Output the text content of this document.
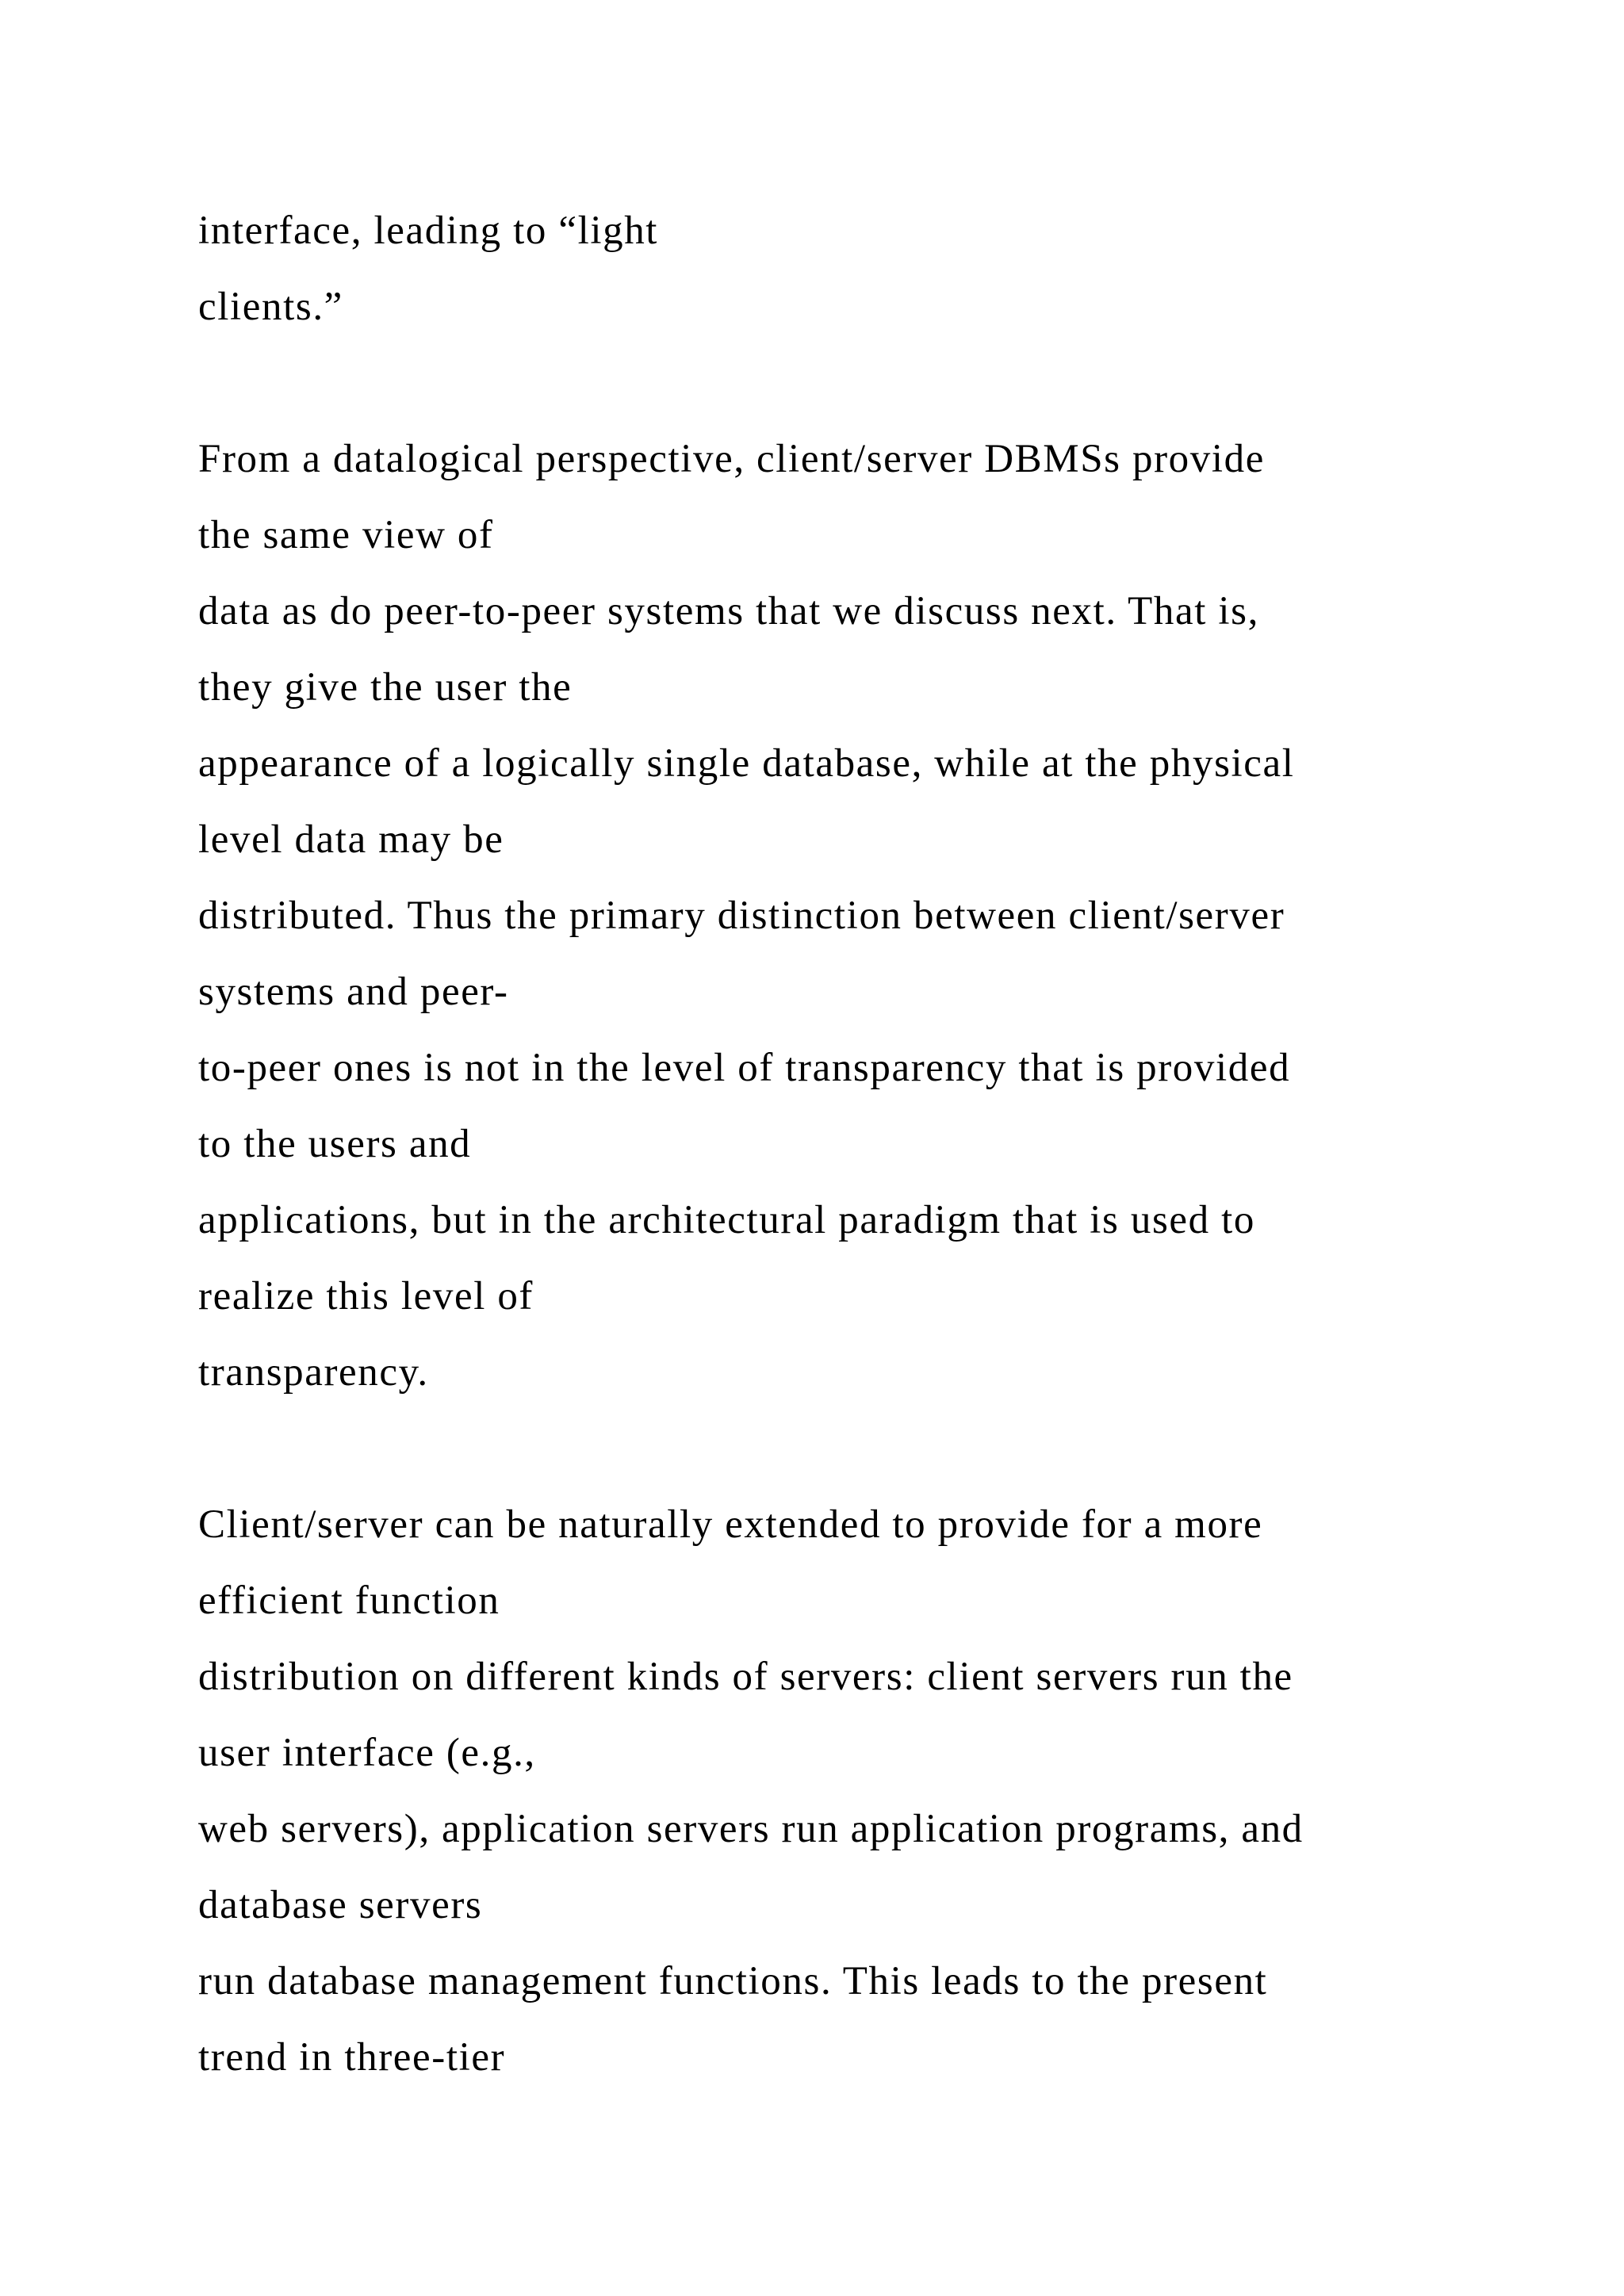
interface, leading to “light
clients.”
From a datalogical perspective, client/server DBMSs provide
the same view of
data as do peer-to-peer systems that we discuss next. That is,
they give the user the
appearance of a logically single database, while at the physical
level data may be
distributed. Thus the primary distinction between client/server
systems and peer-
to-peer ones is not in the level of transparency that is provided
to the users and
applications, but in the architectural paradigm that is used to
realize this level of
transparency.
Client/server can be naturally extended to provide for a more
efficient function
distribution on different kinds of servers: client servers run the
user interface (e.g.,
web servers), application servers run application programs, and
database servers
run database management functions. This leads to the present
trend in three-tier
